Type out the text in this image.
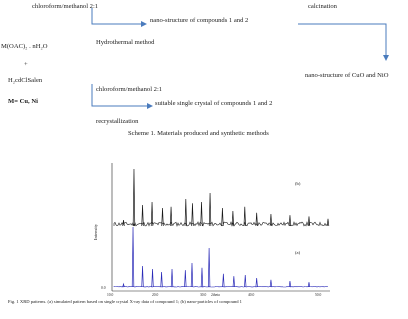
chloroform/methanol 2:1	calcination
nano-structure of compounds 1 and 2
M(OAC)₂ . nH₂O
Hydrothermal method
+
nano-structure of CuO and NiO
H₂cdClSalen
chloroform/methanol 2:1
M= Cu, Ni	suitable single crystal of compounds 1 and 2
recrystallization
Scheme 1. Materials produced and synthetic methods
Intensity
(b)
(a)
0.0
10.0	20.0	30.0	40.0	50.0
2theta
Fig. 1 XRD patterns. (a) simulated pattern based on single crystal X-ray data of compound 1; (b) nano-particles of compound 1
